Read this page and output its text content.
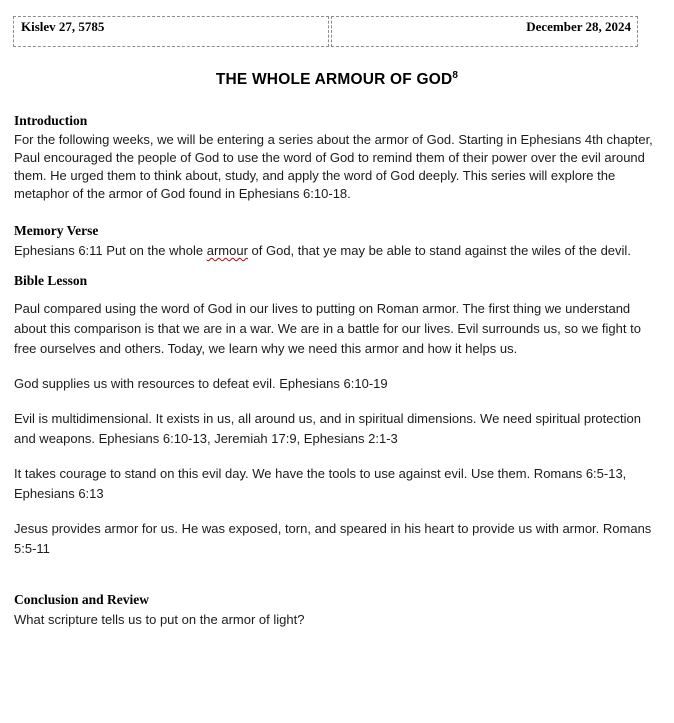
Kislev 27, 5785	December 28, 2024
THE WHOLE ARMOUR OF GOD$^8$
Introduction

For the following weeks, we will be entering a series about the armor of God. Starting in Ephesians 4th chapter, Paul encouraged the people of God to use the word of God to remind them of their power over the evil around them. He urged them to think about, study, and apply the word of God deeply. This series will explore the metaphor of the armor of God found in Ephesians 6:10-18.

Memory Verse

Ephesians 6:11 Put on the whole armour of God, that ye may be able to stand against the wiles of the devil.

Bible Lesson

Paul compared using the word of God in our lives to putting on Roman armor. The first thing we understand about this comparison is that we are in a war. We are in a battle for our lives. Evil surrounds us, so we fight to free ourselves and others. Today, we learn why we need this armor and how it helps us.

God supplies us with resources to defeat evil. Ephesians 6:10-19

Evil is multidimensional. It exists in us, all around us, and in spiritual dimensions. We need spiritual protection and weapons. Ephesians 6:10-13, Jeremiah 17:9, Ephesians 2:1-3

It takes courage to stand on this evil day. We have the tools to use against evil. Use them. Romans 6:5-13, Ephesians 6:13

Jesus provides armor for us. He was exposed, torn, and speared in his heart to provide us with armor. Romans 5:5-11

Conclusion and Review

What scripture tells us to put on the armor of light?
